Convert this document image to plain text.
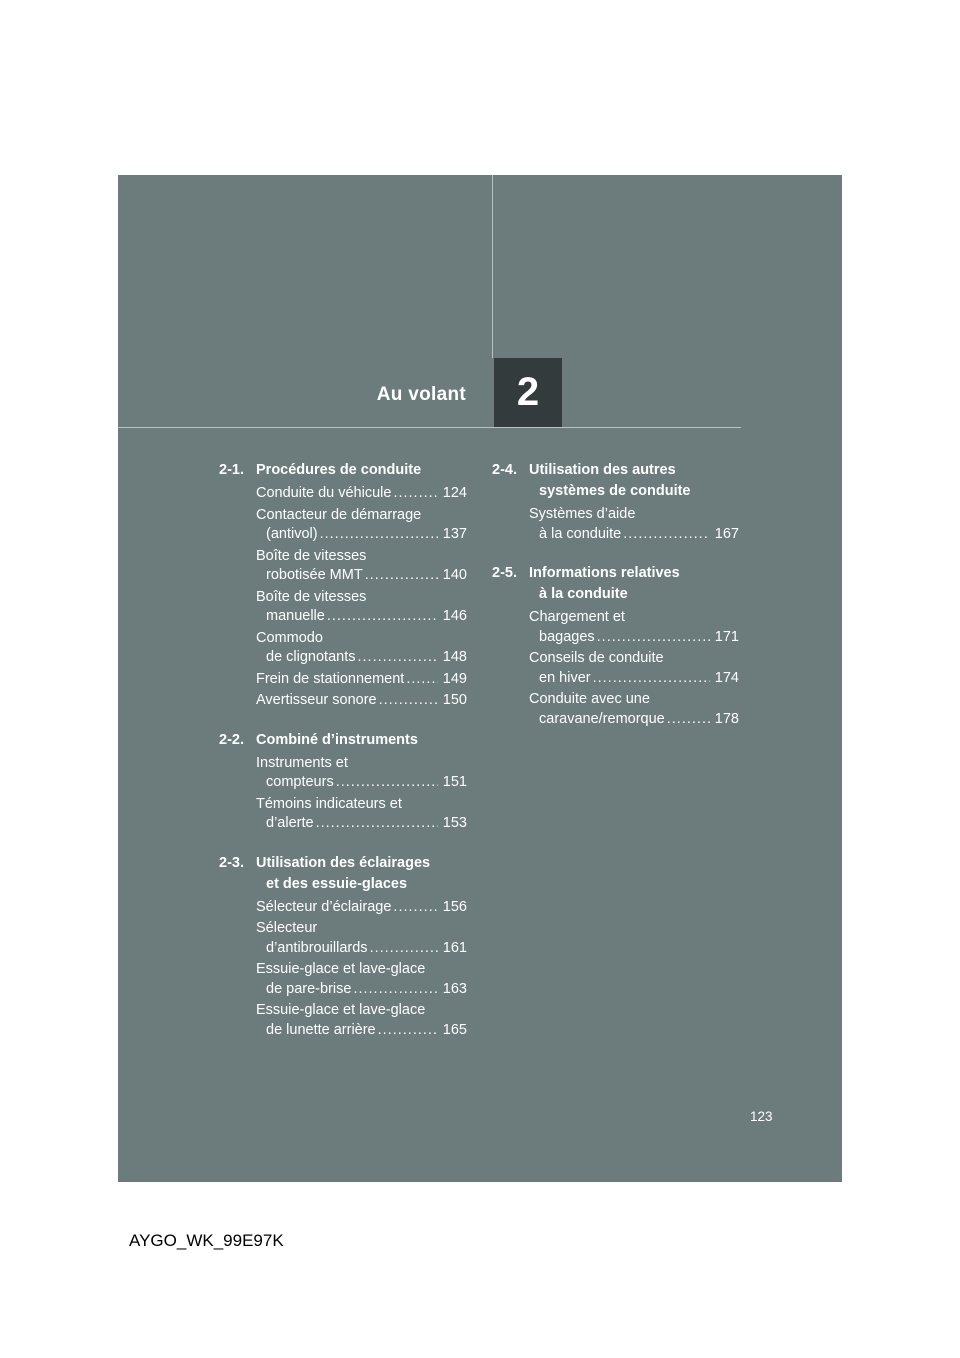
Au volant	2
2-1. Procédures de conduite
Conduite du véhicule .....	124
Contacteur de démarrage
(antivol) .....	137
Boîte de vitesses
robotisée MMT .....	140
Boîte de vitesses
manuelle .....	146
Commodo
de clignotants .....	148
Frein de stationnement .....	149
Avertisseur sonore .....	150
2-2. Combiné d’instruments
Instruments et
compteurs .....	151
Témoins indicateurs et
d’alerte .....	153
2-3. Utilisation des éclairages
et des essuie-glaces
Sélecteur d’éclairage .....	156
Sélecteur
d’antibrouillards .....	161
Essuie-glace et lave-glace
de pare-brise .....	163
Essuie-glace et lave-glace
de lunette arrière .....	165
2-4. Utilisation des autres
systèmes de conduite
Systèmes d’aide
à la conduite .....	167
2-5. Informations relatives
à la conduite
Chargement et
bagages .....	171
Conseils de conduite
en hiver .....	174
Conduite avec une
caravane/remorque .....	178
123
AYGO_WK_99E97K
